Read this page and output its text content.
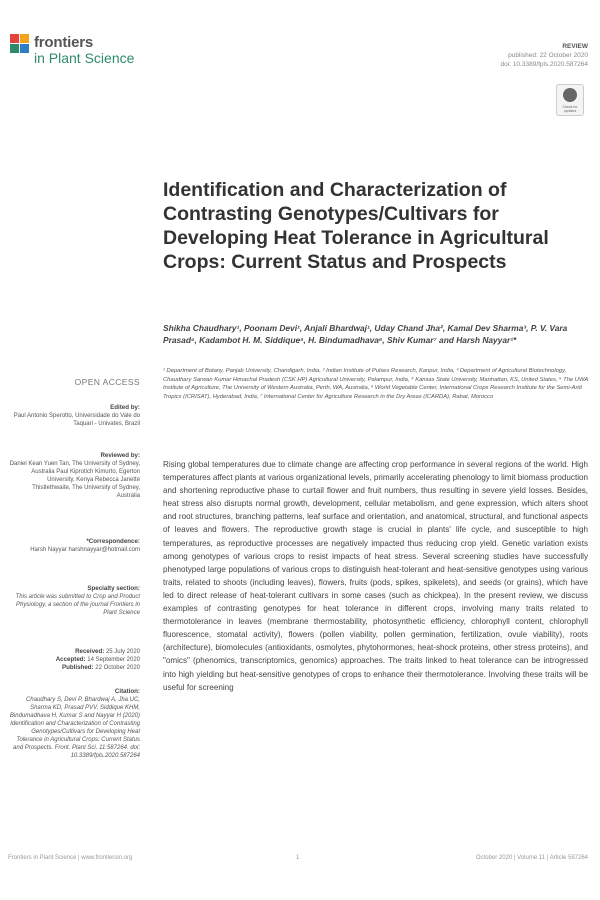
frontiers
in Plant Science
REVIEW
published: 22 October 2020
doi: 10.3389/fpls.2020.587264
Check for updates
Identification and Characterization of Contrasting Genotypes/Cultivars for Developing Heat Tolerance in Agricultural Crops: Current Status and Prospects
Shikha Chaudhary¹, Poonam Devi¹, Anjali Bhardwaj¹, Uday Chand Jha², Kamal Dev Sharma³, P. V. Vara Prasad⁴, Kadambot H. M. Siddique⁵, H. Bindumadhava⁶, Shiv Kumar⁷ and Harsh Nayyar¹*
¹ Department of Botany, Panjab University, Chandigarh, India, ² Indian Institute of Pulses Research, Kanpur, India, ³ Department of Agricultural Biotechnology, Chaudhary Sarwan Kumar Himachal Pradesh (CSK HP) Agricultural University, Palampur, India, ⁴ Kansas State University, Manhattan, KS, United States, ⁵ The UWA Institute of Agriculture, The University of Western Australia, Perth, WA, Australia, ⁶ World Vegetable Center, International Crops Research Institute for the Semi-Arid Tropics (ICRISAT), Hyderabad, India, ⁷ International Center for Agriculture Research in the Dry Areas (ICARDA), Rabat, Morocco
Rising global temperatures due to climate change are affecting crop performance in several regions of the world. High temperatures affect plants at various organizational levels, primarily accelerating phenology to limit biomass production and shortening reproductive phase to curtail flower and fruit numbers, thus resulting in severe yield losses. Besides, heat stress also disrupts normal growth, development, cellular metabolism, and gene expression, which alters shoot and root structures, branching patterns, leaf surface and orientation, and anatomical, structural, and functional aspects of leaves and flowers. The reproductive growth stage is crucial in plants' life cycle, and susceptible to high temperatures, as reproductive processes are negatively impacted thus reducing crop yield. Genetic variation exists among genotypes of various crops to resist impacts of heat stress. Several screening studies have successfully phenotyped large populations of various crops to distinguish heat-tolerant and heat-sensitive genotypes using various traits, related to shoots (including leaves), flowers, fruits (pods, spikes, spikelets), and seeds (or grains), which have led to direct release of heat-tolerant cultivars in some cases (such as chickpea). In the present review, we discuss examples of contrasting genotypes for heat tolerance in different crops, involving many traits related to thermotolerance in leaves (membrane thermostability, photosynthetic efficiency, chlorophyll content, chlorophyll fluorescence, stomatal activity), flowers (pollen viability, pollen germination, fertilization, ovule viability), roots (architecture), biomolecules (antioxidants, osmolytes, phytohormones, heat-shock proteins, other stress proteins), and "omics" (phenomics, transcriptomics, genomics) approaches. The traits linked to heat tolerance can be introgressed into high yielding but heat-sensitive genotypes of crops to enhance their thermotolerance. Involving these traits will be useful for screening
OPEN ACCESS
Edited by:
Paul Antonio Sperotto, Universidade do Vale do Taquari - Univates, Brazil
Reviewed by:
Daniel Kean Yuen Tan, The University of Sydney, Australia Paul Kiprotich Kimurto, Egerton University, Kenya Rebecca Janette Thistlethwaite, The University of Sydney, Australia
*Correspondence:
Harsh Nayyar harshnayyar@hotmail.com
Specialty section:
This article was submitted to Crop and Product Physiology, a section of the journal Frontiers in Plant Science
Received: 25 July 2020
Accepted: 14 September 2020
Published: 22 October 2020
Citation:
Chaudhary S, Devi P, Bhardwaj A, Jha UC, Sharma KD, Prasad PVV, Siddique KHM, Bindumadhava H, Kumar S and Nayyar H (2020) Identification and Characterization of Contrasting Genotypes/Cultivars for Developing Heat Tolerance in Agricultural Crops: Current Status and Prospects. Front. Plant Sci. 11:587264. doi: 10.3389/fpls.2020.587264
Frontiers in Plant Science | www.frontiersin.org	1	October 2020 | Volume 11 | Article 587264
